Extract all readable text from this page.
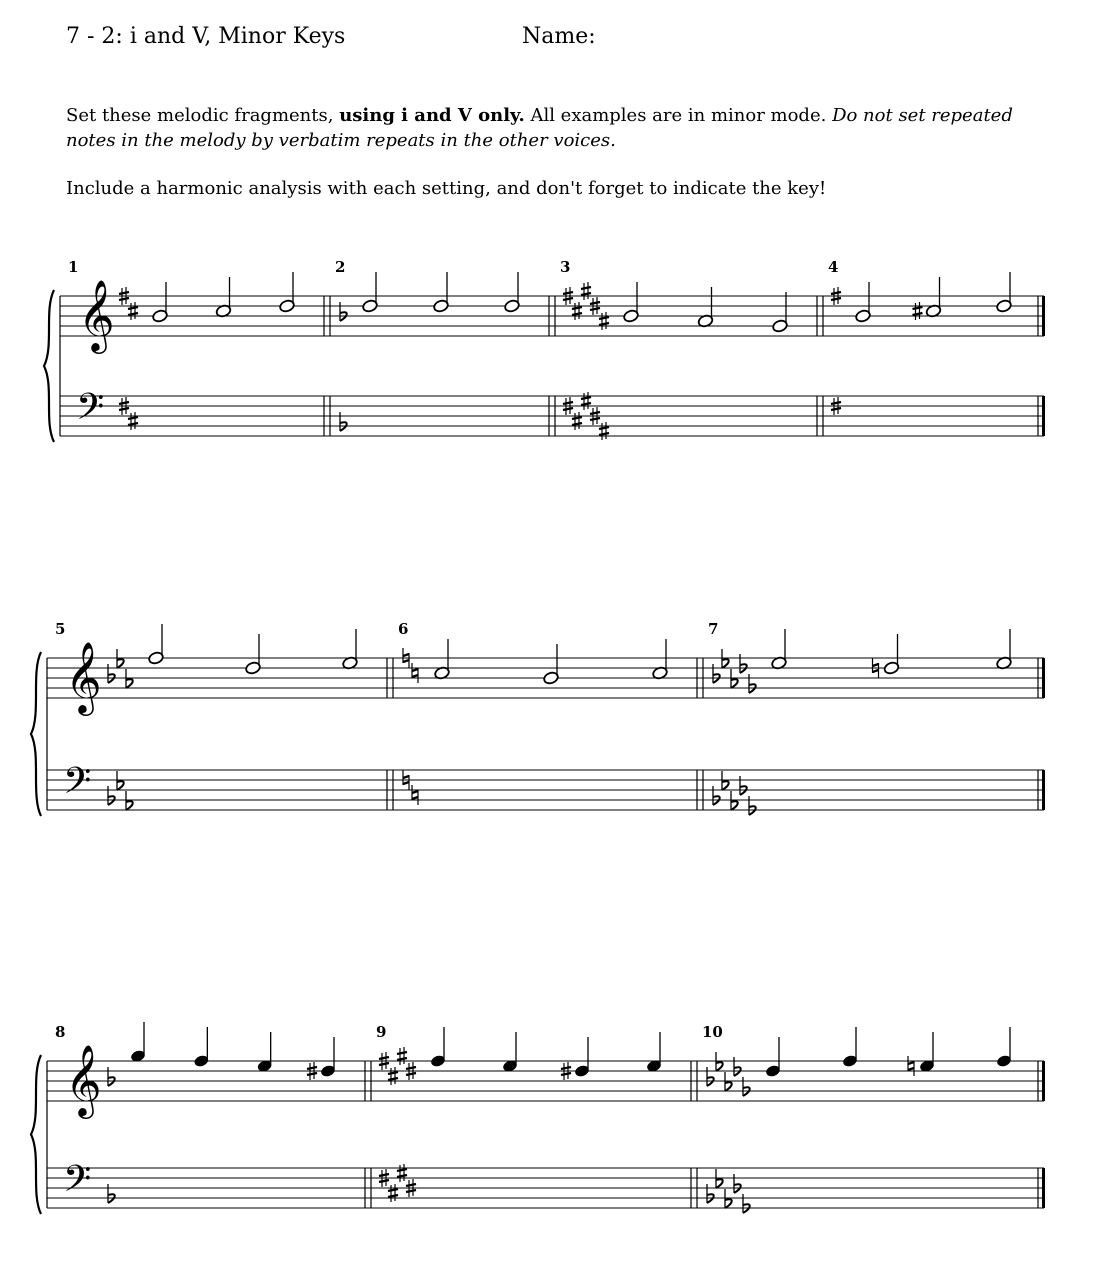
7 - 2: i and V, Minor Keys	Name:
Set these melodic fragments, using i and V only. All examples are in minor mode. Do not set repeated notes in the melody by verbatim repeats in the other voices.
Include a harmonic analysis with each setting, and don't forget to indicate the key!
1
𝄞
𝄢
2	3	4
5
𝄞
𝄢
6	7
8
𝄞
𝄢
9	10
